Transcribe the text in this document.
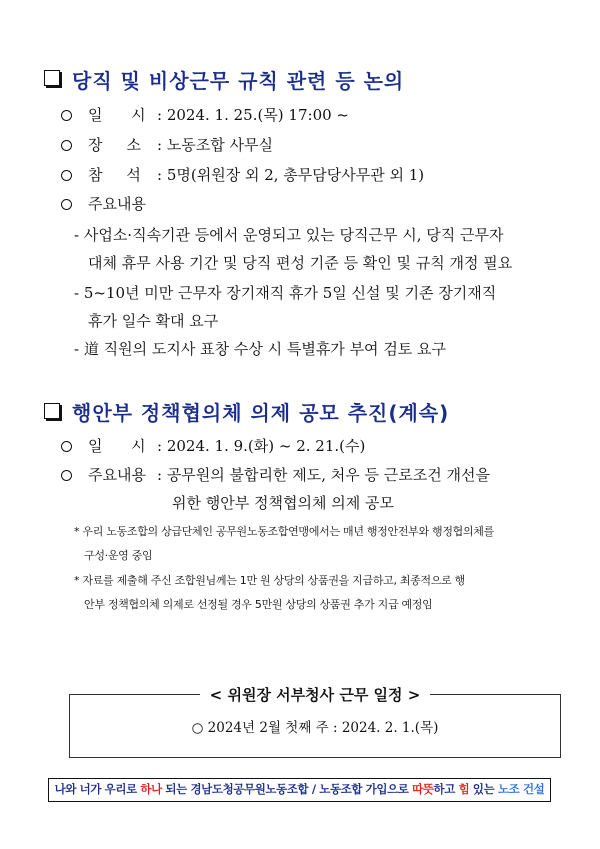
당직 및 비상근무 규칙 관련 등 논의
일      시 : 2024. 1. 25.(목) 17:00 ~
장     소 : 노동조합 사무실
참     석 : 5명(위원장 외 2, 총무담당사무관 외 1)
주요내용
- 사업소·직속기관 등에서 운영되고 있는 당직근무 시, 당직 근무자
대체 휴무 사용 기간 및 당직 편성 기준 등 확인 및 규칙 개정 필요
- 5~10년 미만 근무자 장기재직 휴가 5일 신설 및 기존 장기재직
휴가 일수 확대 요구
- 道 직원의 도지사 표창 수상 시 특별휴가 부여 검토 요구
행안부 정책협의체 의제 공모 추진(계속)
일      시 : 2024. 1. 9.(화) ~ 2. 21.(수)
주요내용 : 공무원의 불합리한 제도, 처우 등 근로조건 개선을
위한 행안부 정책협의체 의제 공모
* 우리 노동조합의 상급단체인 공무원노동조합연맹에서는 매년 행정안전부와 행정협의체를
구성·운영 중임
* 자료를 제출해 주신 조합원님께는 1만 원 상당의 상품권을 지급하고, 최종적으로 행
안부 정책협의체 의제로 선정될 경우 5만원 상당의 상품권 추가 지급 예정임
< 위원장 서부청사 근무 일정 >
○ 2024년 2월 첫째 주 : 2024. 2. 1.(목)
나와 너가 우리로 하나 되는 경남도청공무원노동조합 / 노동조합 가입으로 따뜻하고 힘 있는 노조 건설
